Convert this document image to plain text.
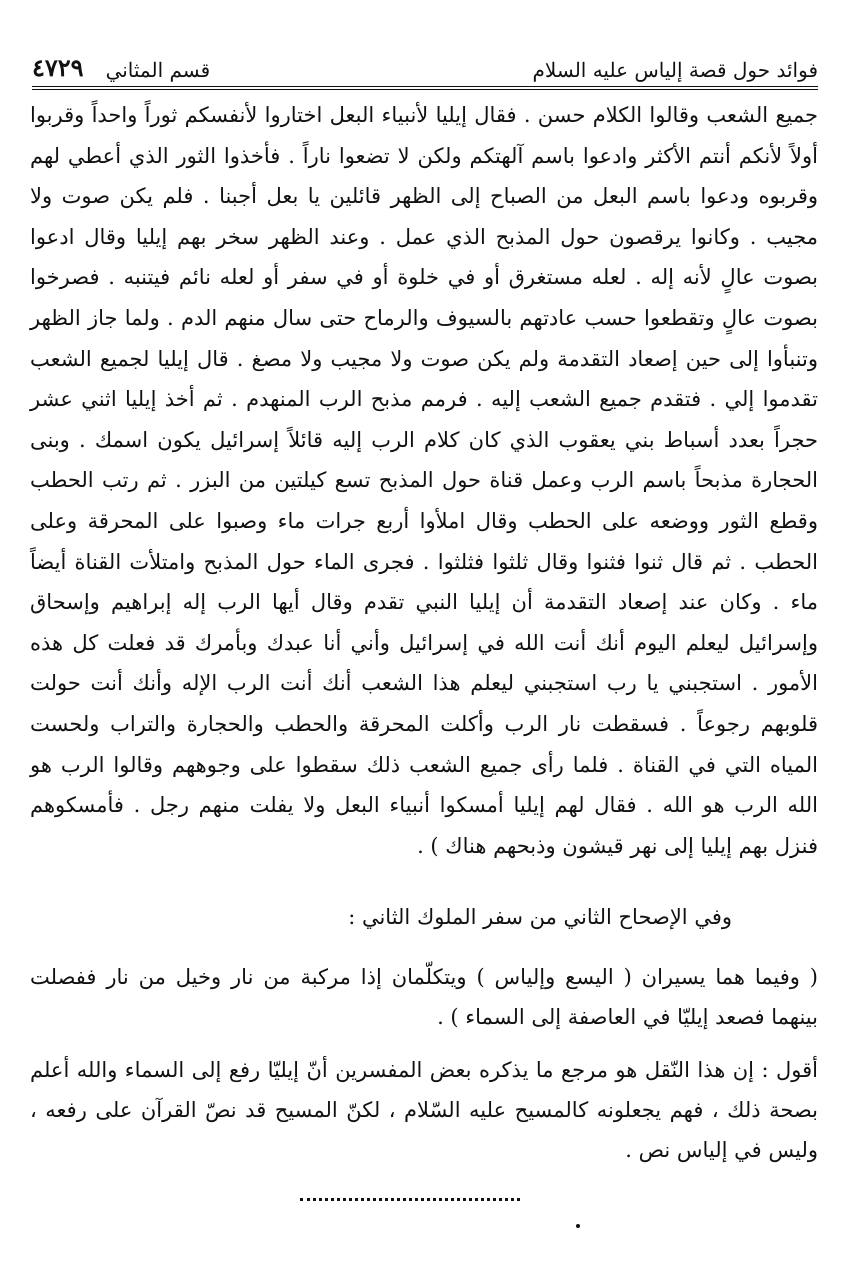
فوائد حول قصة إلياس عليه السلام
قسم المثاني
٤٧٢٩

جميع الشعب وقالوا الكلام حسن . فقال إيليا لأنبياء البعل اختاروا لأنفسكم ثوراً واحداً وقربوا أولاً لأنكم أنتم الأكثر وادعوا باسم آلهتكم ولكن لا تضعوا ناراً . فأخذوا الثور الذي أعطي لهم وقربوه ودعوا باسم البعل من الصباح إلى الظهر قائلين يا بعل أجبنا . فلم يكن صوت ولا مجيب . وكانوا يرقصون حول المذبح الذي عمل . وعند الظهر سخر بهم إيليا وقال ادعوا بصوت عالٍ لأنه إله . لعله مستغرق أو في خلوة أو في سفر أو لعله نائم فيتنبه . فصرخوا بصوت عالٍ وتقطعوا حسب عادتهم بالسيوف والرماح حتى سال منهم الدم . ولما جاز الظهر وتنبأوا إلى حين إصعاد التقدمة ولم يكن صوت ولا مجيب ولا مصغ . قال إيليا لجميع الشعب تقدموا إلي . فتقدم جميع الشعب إليه . فرمم مذبح الرب المنهدم . ثم أخذ إيليا اثني عشر حجراً بعدد أسباط بني يعقوب الذي كان كلام الرب إليه قائلاً إسرائيل يكون اسمك . وبنى الحجارة مذبحاً باسم الرب وعمل قناة حول المذبح تسع كيلتين من البزر . ثم رتب الحطب وقطع الثور ووضعه على الحطب وقال املأوا أربع جرات ماء وصبوا على المحرقة وعلى الحطب . ثم قال ثنوا فثنوا وقال ثلثوا فثلثوا . فجرى الماء حول المذبح وامتلأت القناة أيضاً ماء . وكان عند إصعاد التقدمة أن إيليا النبي تقدم وقال أيها الرب إله إبراهيم وإسحاق وإسرائيل ليعلم اليوم أنك أنت الله في إسرائيل وأني أنا عبدك وبأمرك قد فعلت كل هذه الأمور . استجبني يا رب استجبني ليعلم هذا الشعب أنك أنت الرب الإله وأنك أنت حولت قلوبهم رجوعاً . فسقطت نار الرب وأكلت المحرقة والحطب والحجارة والتراب ولحست المياه التي في القناة . فلما رأى جميع الشعب ذلك سقطوا على وجوههم وقالوا الرب هو الله الرب هو الله . فقال لهم إيليا أمسكوا أنبياء البعل ولا يفلت منهم رجل . فأمسكوهم فنزل بهم إيليا إلى نهر قيشون وذبحهم هناك ) .

وفي الإصحاح الثاني من سفر الملوك الثاني :
( وفيما هما يسيران ( اليسع وإلياس ) ويتكلّمان إذا مركبة من نار وخيل من نار ففصلت بينهما فصعد إيليّا في العاصفة إلى السماء ) .
أقول : إن هذا النّقل هو مرجع ما يذكره بعض المفسرين أنّ إيليّا رفع إلى السماء والله أعلم بصحة ذلك ، فهم يجعلونه كالمسيح عليه السّلام ، لكنّ المسيح قد نصّ القرآن على رفعه ، وليس في إلياس نص .
